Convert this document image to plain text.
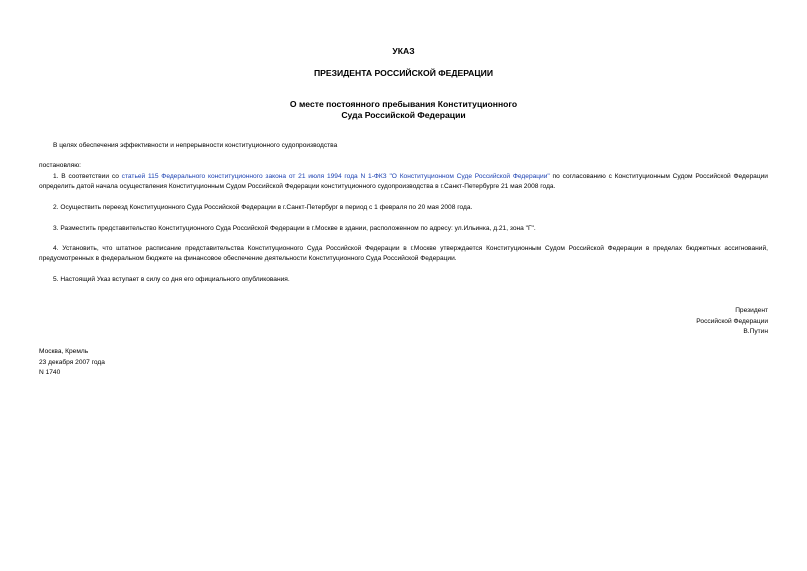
УКАЗ

ПРЕЗИДЕНТА РОССИЙСКОЙ ФЕДЕРАЦИИ

О месте постоянного пребывания Конституционного
Суда Российской Федерации

В целях обеспечения эффективности и непрерывности конституционного судопроизводства

постановляю:

1. В соответствии со статьей 115 Федерального конституционного закона от 21 июля 1994 года N 1-ФКЗ "О Конституционном Суде Российской Федерации" по согласованию с Конституционным Судом Российской Федерации определить датой начала осуществления Конституционным Судом Российской Федерации конституционного судопроизводства в г.Санкт-Петербурге 21 мая 2008 года.

2. Осуществить переезд Конституционного Суда Российской Федерации в г.Санкт-Петербург в период с 1 февраля по 20 мая 2008 года.

3. Разместить представительство Конституционного Суда Российской Федерации в г.Москве в здании, расположенном по адресу: ул.Ильинка, д.21, зона "Г".

4. Установить, что штатное расписание представительства Конституционного Суда Российской Федерации в г.Москве утверждается Конституционным Судом Российской Федерации в пределах бюджетных ассигнований, предусмотренных в федеральном бюджете на финансовое обеспечение деятельности Конституционного Суда Российской Федерации.

5. Настоящий Указ вступает в силу со дня его официального опубликования.

Президент
Российской Федерации
В.Путин

Москва, Кремль
23 декабря 2007 года
N 1740
